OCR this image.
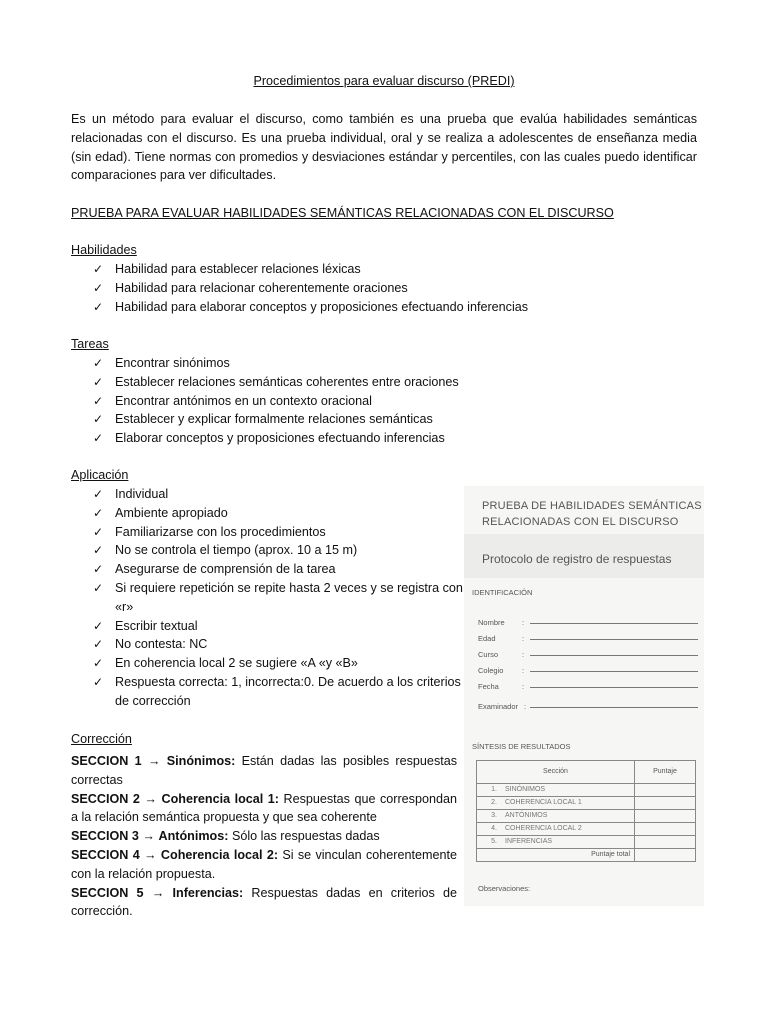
Procedimientos para evaluar discurso (PREDI)

Es un método para evaluar el discurso, como también es una prueba que evalúa habilidades semánticas relacionadas con el discurso. Es una prueba individual, oral y se realiza a adolescentes de enseñanza media (sin edad). Tiene normas con promedios y desviaciones estándar y percentiles, con las cuales puedo identificar comparaciones para ver dificultades.

PRUEBA PARA EVALUAR HABILIDADES SEMÁNTICAS RELACIONADAS CON EL DISCURSO

Habilidades

✓ Habilidad para establecer relaciones léxicas
✓ Habilidad para relacionar coherentemente oraciones
✓ Habilidad para elaborar conceptos y proposiciones efectuando inferencias

Tareas

✓ Encontrar sinónimos
✓ Establecer relaciones semánticas coherentes entre oraciones
✓ Encontrar antónimos en un contexto oracional
✓ Establecer y explicar formalmente relaciones semánticas
✓ Elaborar conceptos y proposiciones efectuando inferencias

Aplicación

✓ Individual
✓ Ambiente apropiado
✓ Familiarizarse con los procedimientos
✓ No se controla el tiempo (aprox. 10 a 15 m)
✓ Asegurarse de comprensión de la tarea
✓ Si requiere repetición se repite hasta 2 veces y se registra con «r»
✓ Escribir textual
✓ No contesta: NC
✓ En coherencia local 2 se sugiere «A «y «B»
✓ Respuesta correcta: 1, incorrecta:0. De acuerdo a los criterios de corrección

Corrección

SECCION 1 → Sinónimos: Están dadas las posibles respuestas correctas

SECCION 2 → Coherencia local 1: Respuestas que correspondan a la relación semántica propuesta y que sea coherente

SECCION 3 → Antónimos: Sólo las respuestas dadas

SECCION 4 → Coherencia local 2: Si se vinculan coherentemente con la relación propuesta.

SECCION 5 → Inferencias: Respuestas dadas en criterios de corrección.

PRUEBA DE HABILIDADES SEMÁNTICAS
RELACIONADAS CON EL DISCURSO
Protocolo de registro de respuestas
IDENTIFICACIÓN
Nombre :
Edad	:
Curso	:
Colegio :
Fecha	:
Examinador :
SÍNTESIS DE RESULTADOS
Sección		Puntaje
1.	SINÓNIMOS	
2.	COHERENCIA LOCAL 1	
3.	ANTÓNIMOS	
4.	COHERENCIA LOCAL 2	
5.	INFERENCIAS	
Puntaje total		
Observaciones:
